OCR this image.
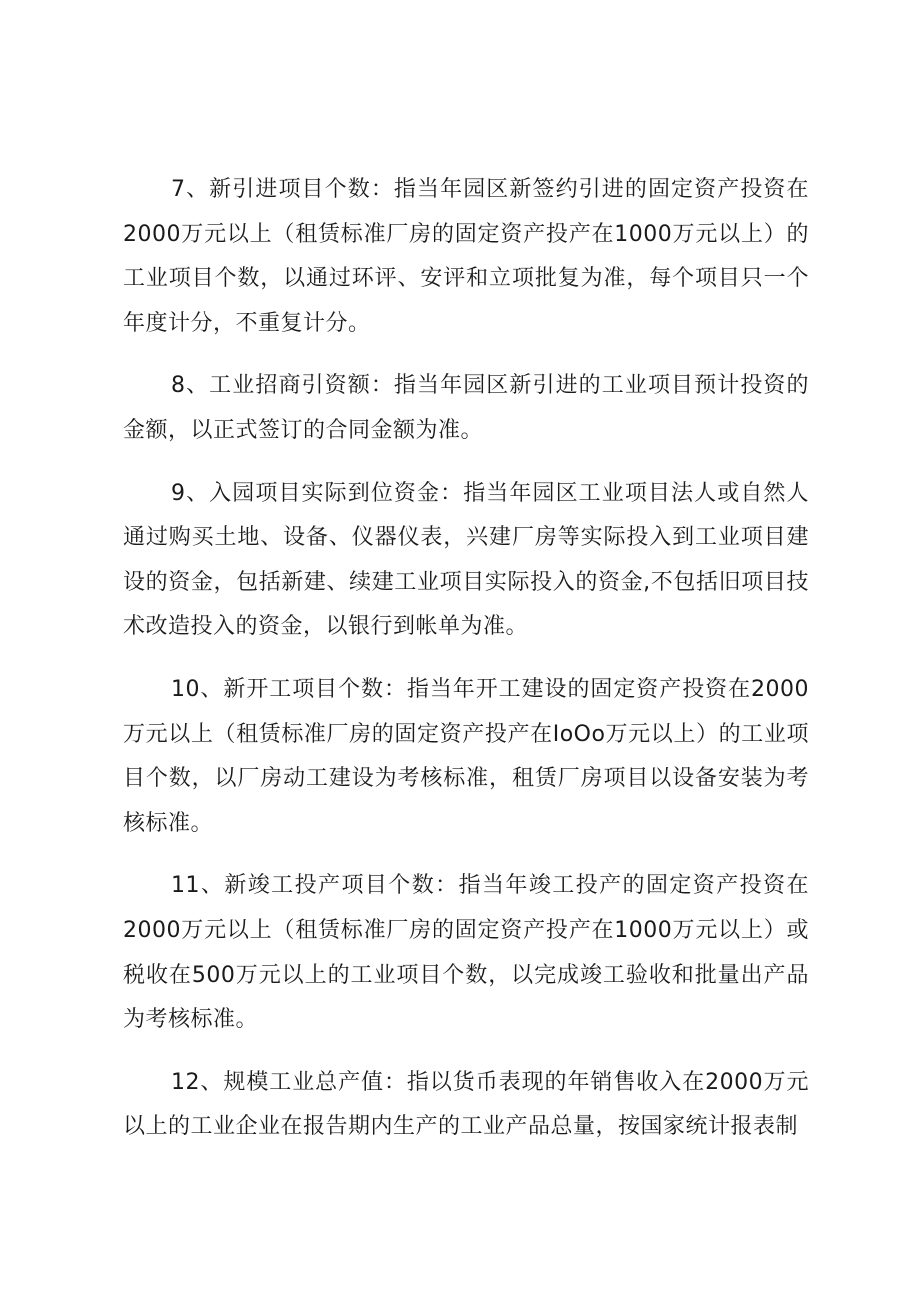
7、新引进项目个数：指当年园区新签约引进的固定资产投资在2000万元以上（租赁标准厂房的固定资产投产在1000万元以上）的工业项目个数，以通过环评、安评和立项批复为准，每个项目只一个年度计分，不重复计分。

8、工业招商引资额：指当年园区新引进的工业项目预计投资的金额，以正式签订的合同金额为准。

9、入园项目实际到位资金：指当年园区工业项目法人或自然人通过购买土地、设备、仪器仪表，兴建厂房等实际投入到工业项目建设的资金，包括新建、续建工业项目实际投入的资金,不包括旧项目技术改造投入的资金，以银行到帐单为准。

10、新开工项目个数：指当年开工建设的固定资产投资在2000万元以上（租赁标准厂房的固定资产投产在IoOo万元以上）的工业项目个数，以厂房动工建设为考核标准，租赁厂房项目以设备安装为考核标准。

11、新竣工投产项目个数：指当年竣工投产的固定资产投资在2000万元以上（租赁标准厂房的固定资产投产在1000万元以上）或税收在500万元以上的工业项目个数，以完成竣工验收和批量出产品为考核标准。

12、规模工业总产值：指以货币表现的年销售收入在2000万元以上的工业企业在报告期内生产的工业产品总量，按国家统计报表制
